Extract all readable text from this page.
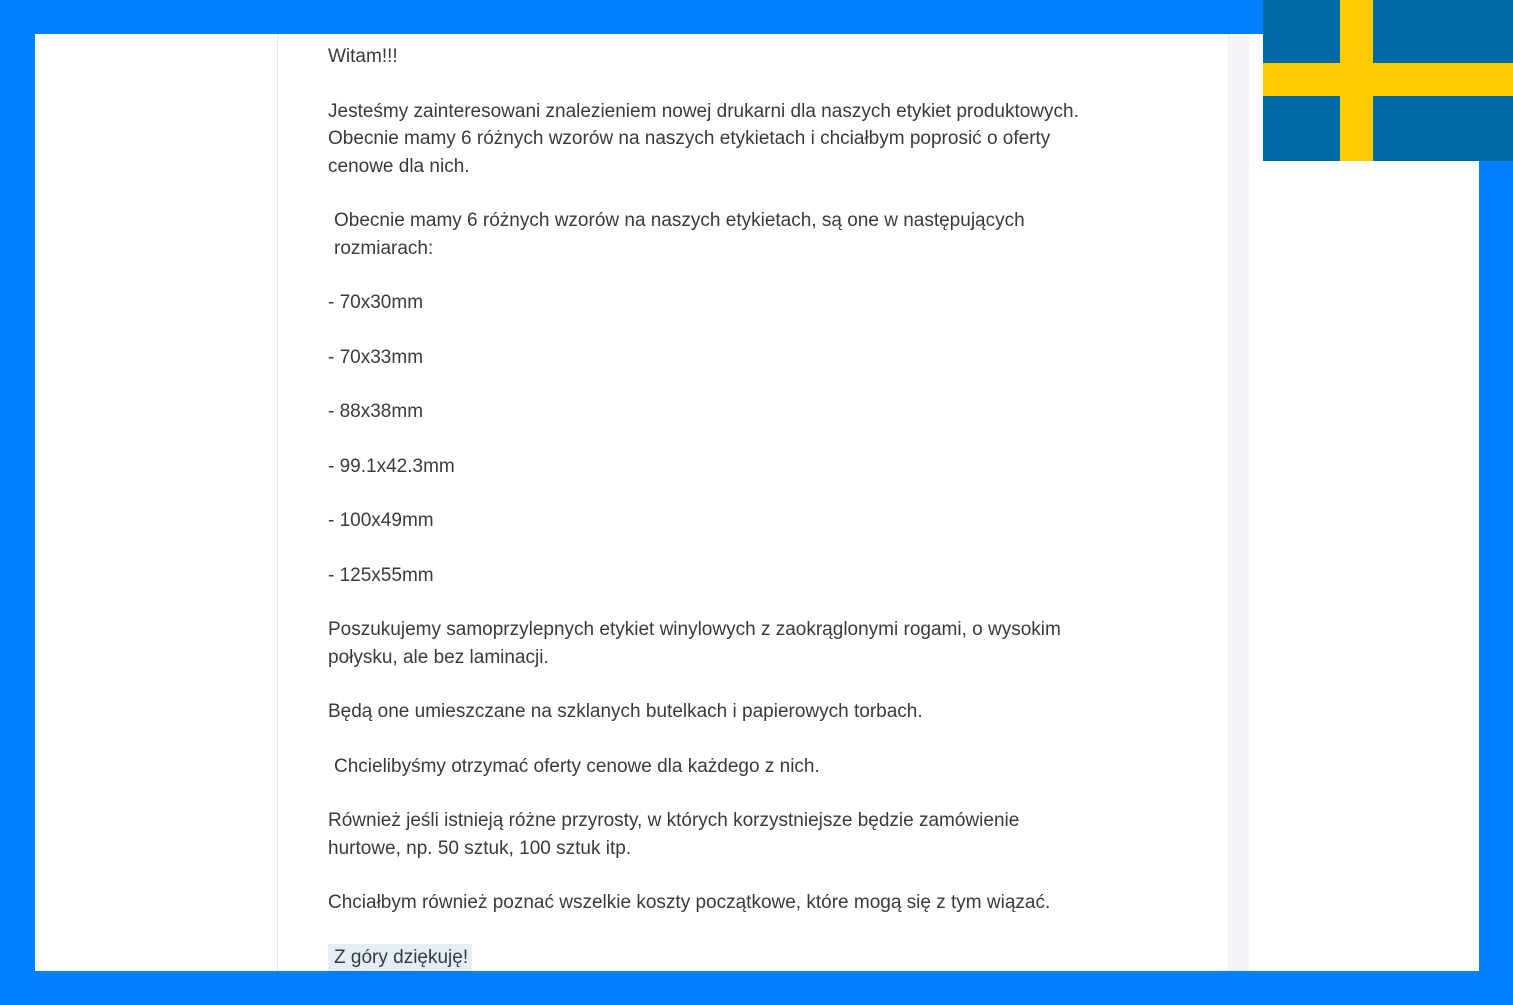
Witam!!!

Jesteśmy zainteresowani znalezieniem nowej drukarni dla naszych etykiet produktowych.
Obecnie mamy 6 różnych wzorów na naszych etykietach i chciałbym poprosić o oferty
cenowe dla nich.

Obecnie mamy 6 różnych wzorów na naszych etykietach, są one w następujących
rozmiarach:

- 70x30mm

- 70x33mm

- 88x38mm

- 99.1x42.3mm

- 100x49mm

- 125x55mm

Poszukujemy samoprzylepnych etykiet winylowych z zaokrąglonymi rogami, o wysokim
połysku, ale bez laminacji.

Będą one umieszczane na szklanych butelkach i papierowych torbach.

Chcielibyśmy otrzymać oferty cenowe dla każdego z nich.

Również jeśli istnieją różne przyrosty, w których korzystniejsze będzie zamówienie
hurtowe, np. 50 sztuk, 100 sztuk itp.

Chciałbym również poznać wszelkie koszty początkowe, które mogą się z tym wiązać.

Z góry dziękuję!
